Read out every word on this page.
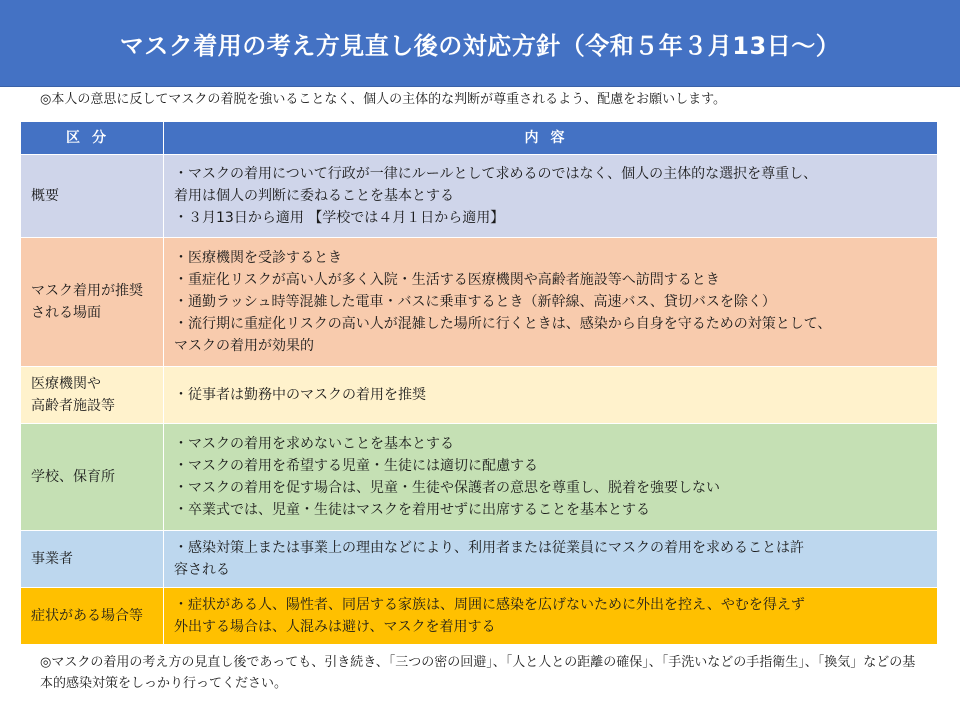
マスク着用の考え方見直し後の対応方針（令和５年３月13日～）
◎本人の意思に反してマスクの着脱を強いることなく、個人の主体的な判断が尊重されるよう、配慮をお願いします。
区分	内容
概要	・マスクの着用について行政が一律にルールとして求めるのではなく、個人の主体的な選択を尊重し、
着用は個人の判断に委ねることを基本とする
・３月13日から適用 【学校では４月１日から適用】

マスク着用が推奨される場面	・医療機関を受診するとき
・重症化リスクが高い人が多く入院・生活する医療機関や高齢者施設等へ訪問するとき
・通勤ラッシュ時等混雑した電車・バスに乗車するとき（新幹線、高速バス、貸切バスを除く）
・流行期に重症化リスクの高い人が混雑した場所に行くときは、感染から自身を守るための対策として、
マスクの着用が効果的

医療機関や
高齢者施設等	・従事者は勤務中のマスクの着用を推奨

学校、保育所	・マスクの着用を求めないことを基本とする
・マスクの着用を希望する児童・生徒には適切に配慮する
・マスクの着用を促す場合は、児童・生徒や保護者の意思を尊重し、脱着を強要しない
・卒業式では、児童・生徒はマスクを着用せずに出席することを基本とする

事業者	・感染対策上または事業上の理由などにより、利用者または従業員にマスクの着用を求めることは許
容される

症状がある場合等	・症状がある人、陽性者、同居する家族は、周囲に感染を広げないために外出を控え、やむを得えず
外出する場合は、人混みは避け、マスクを着用する
◎マスクの着用の考え方の見直し後であっても、引き続き、「三つの密の回避」、「人と人との距離の確保」、「手洗いなどの手指衛生」、「換気」などの基本的感染対策をしっかり行ってください。
